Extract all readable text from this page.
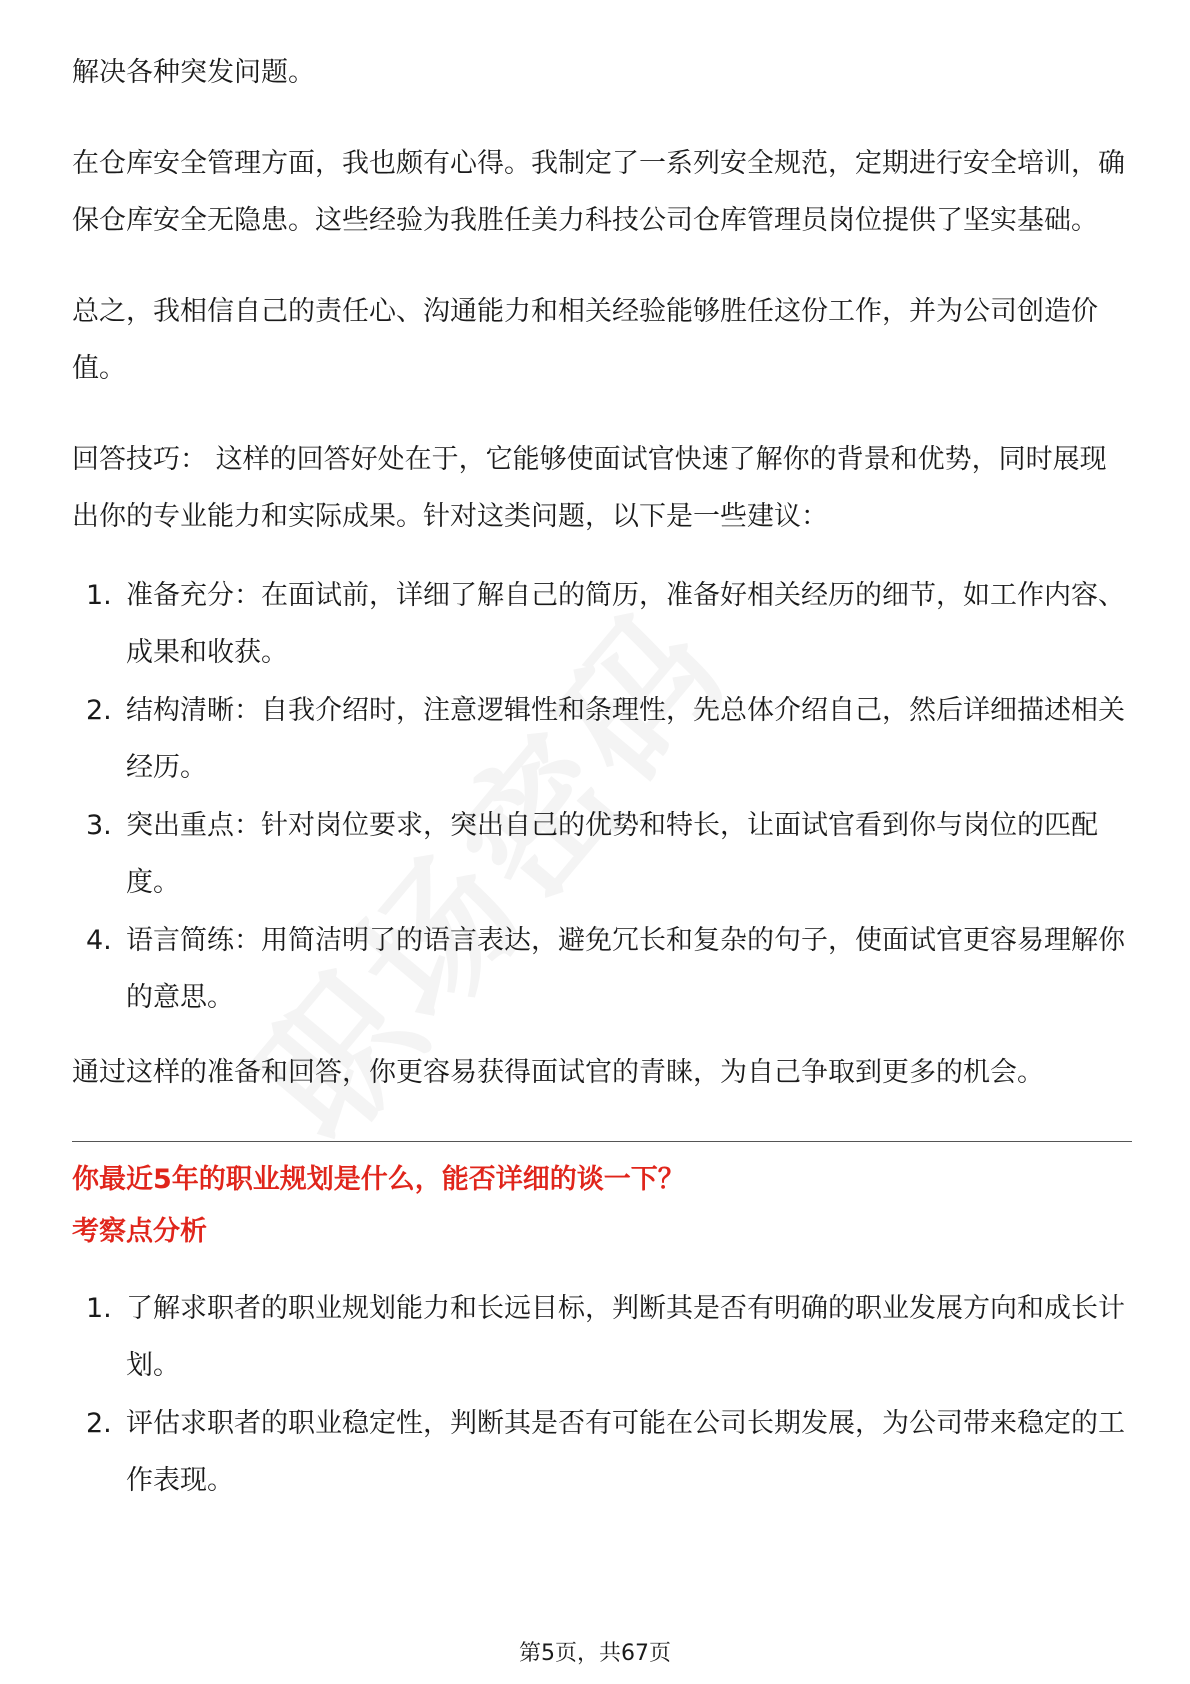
解决各种突发问题。

在仓库安全管理方面，我也颇有心得。我制定了一系列安全规范，定期进行安全培训，确保仓库安全无隐患。这些经验为我胜任美力科技公司仓库管理员岗位提供了坚实基础。

总之，我相信自己的责任心、沟通能力和相关经验能够胜任这份工作，并为公司创造价值。

回答技巧： 这样的回答好处在于，它能够使面试官快速了解你的背景和优势，同时展现出你的专业能力和实际成果。针对这类问题，以下是一些建议：

1. 准备充分：在面试前，详细了解自己的简历，准备好相关经历的细节，如工作内容、成果和收获。
2. 结构清晰：自我介绍时，注意逻辑性和条理性，先总体介绍自己，然后详细描述相关经历。
3. 突出重点：针对岗位要求，突出自己的优势和特长，让面试官看到你与岗位的匹配度。
4. 语言简练：用简洁明了的语言表达，避免冗长和复杂的句子，使面试官更容易理解你的意思。

通过这样的准备和回答，你更容易获得面试官的青睐，为自己争取到更多的机会。

你最近5年的职业规划是什么，能否详细的谈一下？
考察点分析
1. 了解求职者的职业规划能力和长远目标，判断其是否有明确的职业发展方向和成长计划。
2. 评估求职者的职业稳定性，判断其是否有可能在公司长期发展，为公司带来稳定的工作表现。
第5页，共67页
